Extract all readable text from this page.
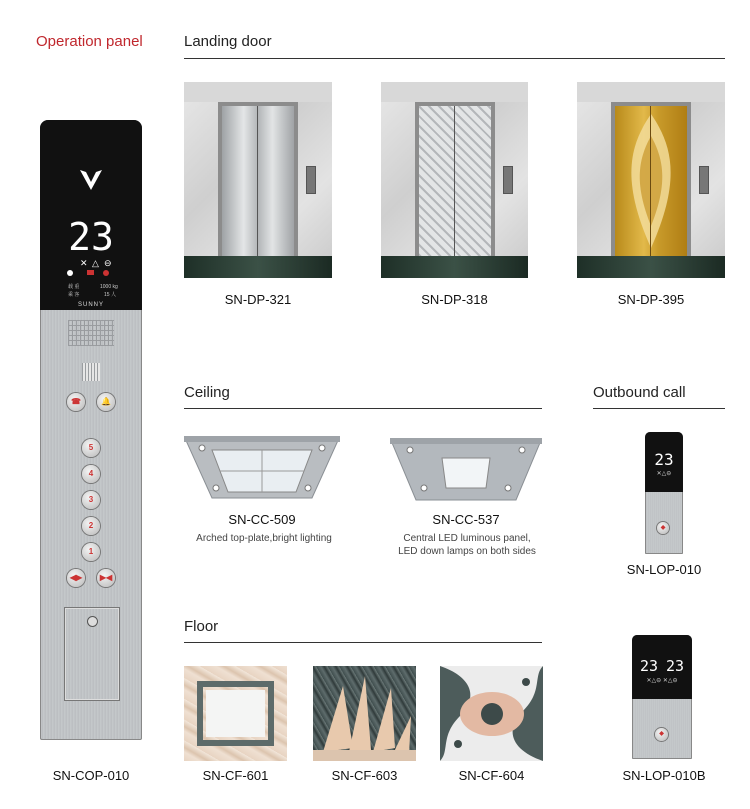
Operation panel
23
✕ △ ⊖
1000 kg
15 人
载 重
乘 客
SUNNY
☎	🔔
5
4
3
2
1
◀▶	▶◀
SN-COP-010
Landing door
SN-DP-321	SN-DP-318	SN-DP-395
Ceiling
SN-CC-509
Arched top-plate,bright lighting
SN-CC-537
Central LED luminous panel,
LED down lamps on both sides
Outbound call
23
✕△⊖
◆
SN-LOP-010
23 23
✕△⊖ ✕△⊖
◆
SN-LOP-010B
Floor
SN-CF-601	SN-CF-603	SN-CF-604
